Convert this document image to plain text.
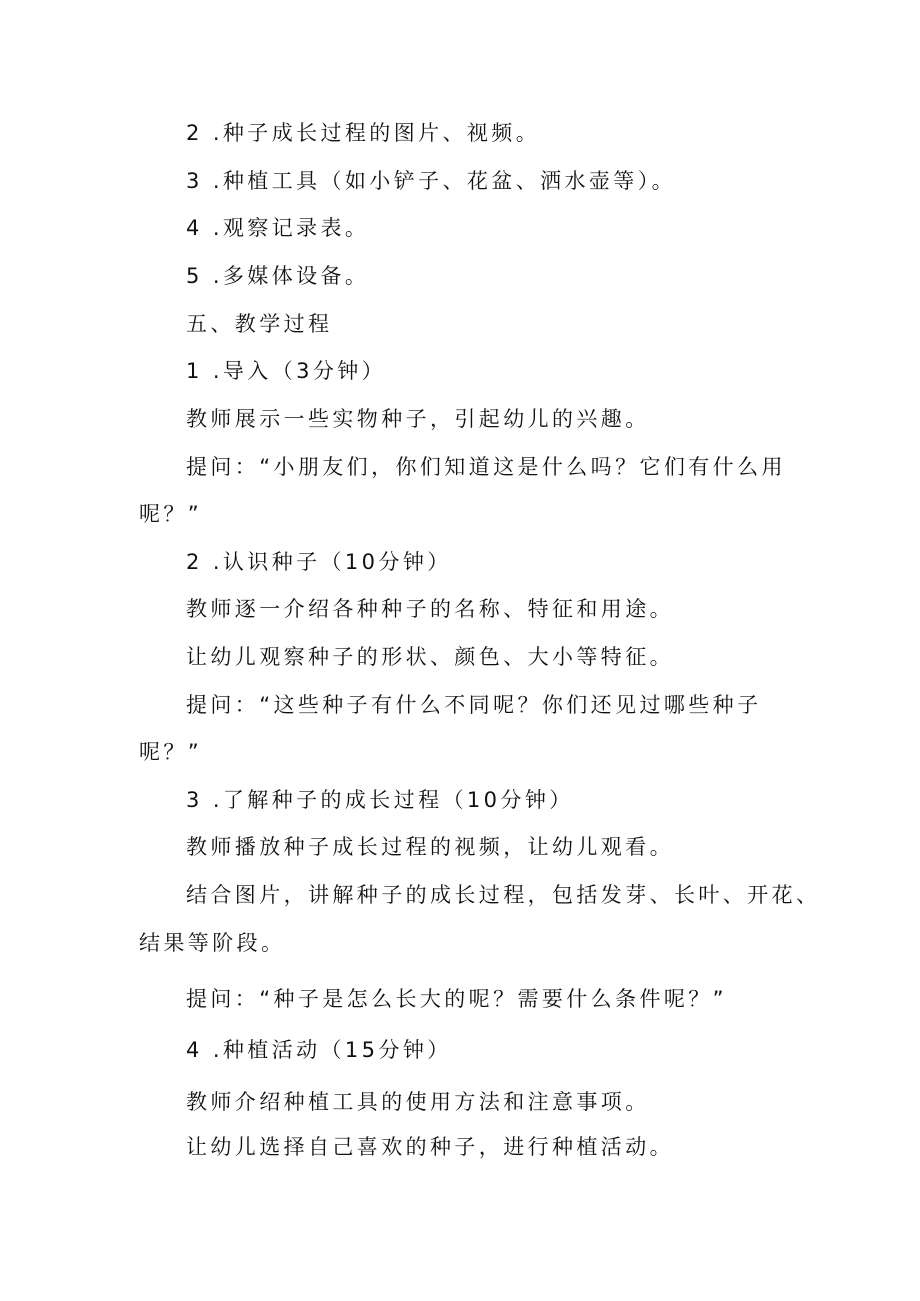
2 .种子成长过程的图片、视频。

3 .种植工具（如小铲子、花盆、洒水壶等）。

4 .观察记录表。

5 .多媒体设备。

五、教学过程

1 .导入（3分钟）

教师展示一些实物种子，引起幼儿的兴趣。

提问：“小朋友们，你们知道这是什么吗？它们有什么用

呢？”

2 .认识种子（10分钟）

教师逐一介绍各种种子的名称、特征和用途。

让幼儿观察种子的形状、颜色、大小等特征。

提问：“这些种子有什么不同呢？你们还见过哪些种子

呢？”

3 .了解种子的成长过程（10分钟）

教师播放种子成长过程的视频，让幼儿观看。

结合图片，讲解种子的成长过程，包括发芽、长叶、开花、

结果等阶段。

提问：“种子是怎么长大的呢？需要什么条件呢？”

4 .种植活动（15分钟）

教师介绍种植工具的使用方法和注意事项。

让幼儿选择自己喜欢的种子，进行种植活动。
